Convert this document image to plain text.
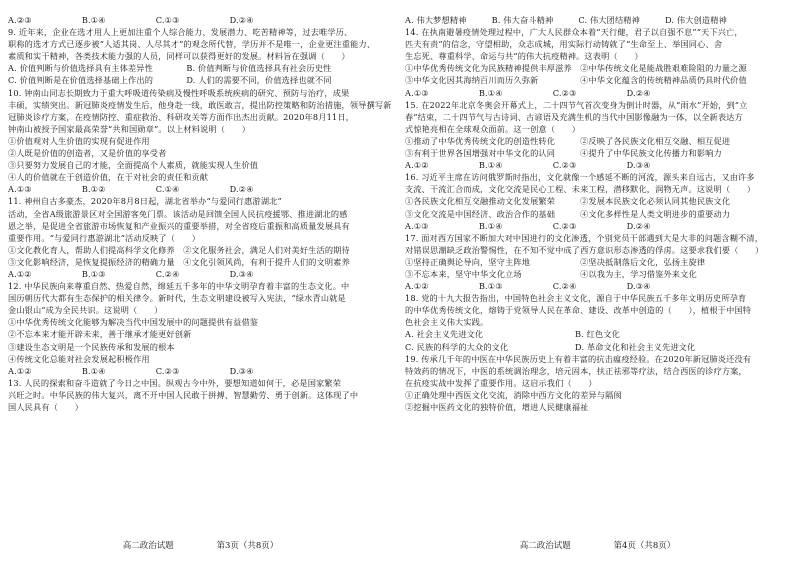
A.②③　　　　　　B.①④　　　　　　C.①③　　　　　　D.②④
9. 近年来，企业在选才用人上更加注重个人综合能力、发展潜力、吃苦精神等，过去唯学历、
职称的选才方式已逐步被“人适其岗、人尽其才”的观念所代替，学历并不是唯一，企业更注重能力、
素质和实干精神，各类技术能力强的人员，同样可以获得更好的发展。材料旨在强调（　　）
A. 价值判断与价值选择具有主体差异性　　　　B. 价值判断与价值选择具有社会历史性
C. 价值判断是在价值选择基础上作出的　　　　D. 人们的需要不同，价值选择也就不同
10. 钟南山同志长期致力于重大呼吸道传染病及慢性呼吸系统疾病的研究、预防与治疗，成果
丰硕，实绩突出。新冠肺炎疫情发生后，他身赴一线，敢医敢言，提出防控策略和防治措施，领导撰写新
冠肺炎诊疗方案，在疫情防控、重症救治、科研攻关等方面作出杰出贡献。2020年8月11日，
钟南山被授予国家最高荣誉“共和国勋章”。以上材料说明（　　）
①价值观对人生价值的实现有促进作用
②人既是价值的创造者，又是价值的享受者
③只要努力发展自己的才能，全面提高个人素质，就能实现人生价值
④人的价值就在于创造价值，在于对社会的责任和贡献
A.①③　　　　　　B.①②　　　　　　C.①④　　　　　　D.②④
11. 神州自古多豪杰，2020年8月8日起，湖北省举办“与爱同行惠游湖北”
活动，全省A级旅游景区对全国游客免门票。该活动是回馈全国人民抗疫援鄂、推进湖北的感
恩之举，是促进全省旅游市场恢复和产业振兴的重要举措，对全省疫后重振和高质量发展具有
重要作用。“与爱同行惠游湖北”活动反映了（　　）
①文化教化育人，帮助人们提高科学文化修养　②文化服务社会，满足人们对美好生活的期待
③文化影响经济，是恢复提振经济的精确力量　④文化引领风尚，有利于提升人们的文明素养
A.①②　　　　　　B.①③　　　　　　C.②④　　　　　　D.③④
12. 中华民族向来尊重自然、热爱自然，绵延五千多年的中华文明孕育着丰富的生态文化。中
国历朝历代大都有生态保护的相关律令。新时代，生态文明建设被写入宪法，“绿水青山就是
金山银山”成为全民共识。这说明（　　）
①中华优秀传统文化能够为解决当代中国发展中的问题提供有益借鉴
②不忘本来才能开辟未来，善于继承才能更好创新
③建设生态文明是一个民族传承和发展的根本
④传统文化总能对社会发展起积极作用
A.①②　　　　　　B.①④　　　　　　C.②③　　　　　　D.③④
13. 人民的探索和奋斗造就了今日之中国。纵观古今中外，要想知道如何干，必是国家繁荣
兴旺之时。中华民族的伟大复兴，离不开中国人民敢于拼搏、智慧勤劳、勇于创新。这体现了中
国人民具有（　　）
高二政治试题	第3页（共8页）
A. 伟大梦想精神　　　B. 伟大奋斗精神　　　C. 伟大团结精神　　　D. 伟大创造精神
14. 在执南避暑疫情处理过程中，广大人民群众本着“天行健，君子以自强不息”“天下兴亡，
匹夫有责”的信念，守望相助，众志成城，用实际行动铸就了“生命至上、举国同心、舍
生忘死、尊重科学、命运与共”的伟大抗疫精神。这表明（　　）
①中华优秀传统文化为民族精神提供丰厚滋养　②中华传统文化是能战胜艰难险阻的力量之源
③中华文化因其海纳百川而历久弥新　　　　　④中华文化蕴含的传统精神品质仍具时代价值
A.①③　　　　　　B.①④　　　　　　C.②③　　　　　　D.②④
15. 在2022年北京冬奥会开幕式上，二十四节气首次变身为倒计时器，从“雨水”开始，到“立
春”结束，二十四节气与古诗词、古谚语及充满生机的当代中国影像融为一体，以全新表达方
式惊艳亮相在全球观众面前。这一创意（　　）
①推动了中华优秀传统文化的创造性转化　　　②反映了各民族文化相互交融、相互促进
③有利于世界各国增强对中华文化的认同　　　④提升了中华民族文化传播力和影响力
A.①②　　　　　　B.①④　　　　　　C.②③　　　　　　D.③④
16. 习近平主席在访问俄罗斯时指出，文化就像一个感延不断的河流，源头来自远古，又由许多
支流、干流汇合而成，文化交流是民心工程、未来工程，潜移默化，润物无声。这说明（　　）
①各民族文化相互交融推动文化发展繁荣　　　②发展本民族文化必须认同其他民族文化
③文化交流是中国经济、政治合作的基础　　　④文化多样性是人类文明进步的重要动力
A.①③　　　　　　B.①④　　　　　　C.②③　　　　　　D.②④
17. 面对西方国家不断加大对中国进行的文化渗透，个别党员干部遇到大是大非的问题含糊不清，
对错误思潮缺乏政治警惕性，在不知不觉中成了西方意识形态渗透的俘虏。这要求我们要（　　）
①坚持正确舆论导向，坚守主阵地　　　　　　②坚决抵制落后文化，弘扬主旋律
③不忘本来，坚守中华文化立场　　　　　　　④以我为主，学习借鉴外来文化
A.①②　　　　　　B.①③　　　　　　C.②④　　　　　　D.③④
18. 党的十九大报告指出，中国特色社会主义文化，源自于中华民族五千多年文明历史所孕育
的中华优秀传统文化，熔铸于党领导人民在革命、建设、改革中创造的（　　），植根于中国特
色社会主义伟大实践。
A. 社会主义先进文化　　　　　　　　　　　B. 红色文化
C. 民族的科学的大众的文化　　　　　　　　D. 革命文化和社会主义先进文化
19. 传承几千年的中医在中华民族历史上有着丰富的抗击瘟疫经验。在2020年新冠肺炎还没有
特效药的情况下，中医的系统调治理念，培元固本，扶正祛邪等疗法，结合西医的诊疗方案，
在抗疫实战中发挥了重要作用。这启示我们（　　）
①正确处理中西医文化交流，消除中西方文化的差异与隔阂
②挖掘中医药文化的独特价值，增进人民健康福祉
高二政治试题	第4页（共8页）
